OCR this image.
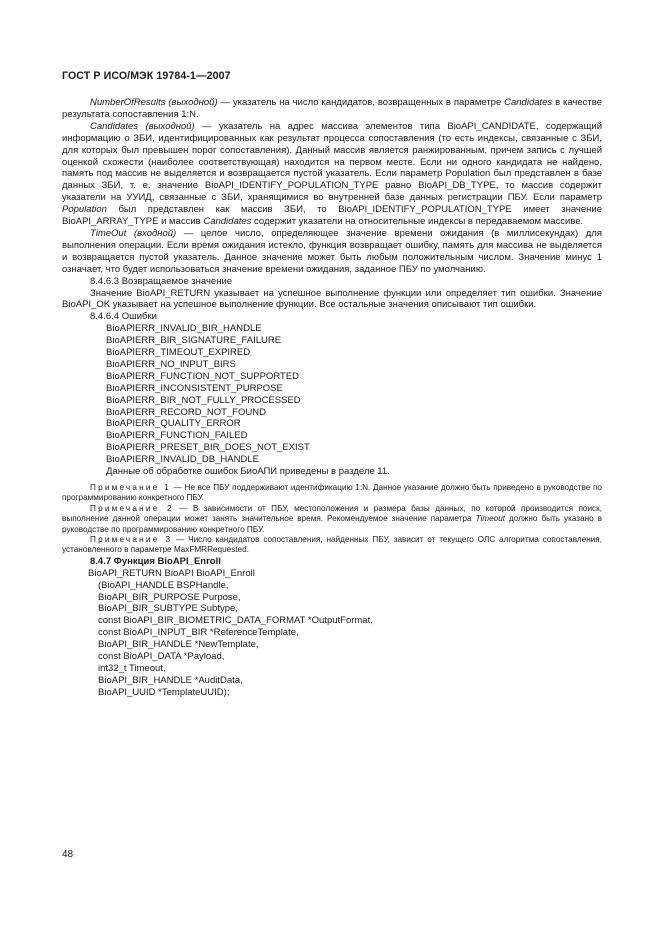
ГОСТ Р ИСО/МЭК 19784-1—2007

NumberOfResults (выходной) — указатель на число кандидатов, возвращенных в параметре Candidates в качестве результата сопоставления 1:N.

Candidates (выходной) — указатель на адрес массива элементов типа BioAPI_CANDIDATE, содержащий информацию о ЗБИ, идентифицированных как результат процесса сопоставления (то есть индексы, связанные с ЗБИ, для которых был превышен порог сопоставления). Данный массив является ранжированным, причем запись с лучшей оценкой схожести (наиболее соответствующая) находится на первом месте. Если ни одного кандидата не найдено, память под массив не выделяется и возвращается пустой указатель. Если параметр Population был представлен в базе данных ЗБИ, т. е. значение BioAPI_IDENTIFY_POPULATION_TYPE равно BioAPI_DB_TYPE, то массив содержит указатели на УУИД, связанные с ЗБИ, хранящимися во внутренней базе данных регистрации ПБУ. Если параметр Population был представлен как массив ЗБИ, то BioAPI_IDENTIFY_POPULATION_TYPE имеет значение BioAPI_ARRAY_TYPE и массив Candidates содержит указатели на относительные индексы в передаваемом массиве.

TimeOut (входной) — целое число, определяющее значение времени ожидания (в миллисекундах) для выполнения операции. Если время ожидания истекло, функция возвращает ошибку, память для массива не выделяется и возвращается пустой указатель. Данное значение может быть любым положительным числом. Значение минус 1 означает, что будет использоваться значение времени ожидания, заданное ПБУ по умолчанию.

8.4.6.3 Возвращаемое значение

Значение BioAPI_RETURN указывает на успешное выполнение функции или определяет тип ошибки. Значение BioAPI_OK указывает на успешное выполнение функции. Все остальные значения описывают тип ошибки.

8.4.6.4 Ошибки

BioAPIERR_INVALID_BIR_HANDLE

BioAPIERR_BIR_SIGNATURE_FAILURE

BioAPIERR_TIMEOUT_EXPIRED

BioAPIERR_NO_INPUT_BIRS

BioAPIERR_FUNCTION_NOT_SUPPORTED

BioAPIERR_INCONSISTENT_PURPOSE

BioAPIERR_BIR_NOT_FULLY_PROCESSED

BioAPIERR_RECORD_NOT_FOUND

BioAPIERR_QUALITY_ERROR

BioAPIERR_FUNCTION_FAILED

BioAPIERR_PRESET_BIR_DOES_NOT_EXIST

BioAPIERR_INVALID_DB_HANDLE

Данные об обработке ошибок БиоАПИ приведены в разделе 11.

Примечание 1 — Не все ПБУ поддерживают идентификацию 1:N. Данное указание должно быть приведено в руководстве по программированию конкретного ПБУ.

Примечание 2 — В зависимости от ПБУ, местоположения и размера базы данных, по которой производится поиск, выполнение данной операции может занять значительное время. Рекомендуемое значение параметра Timeout должно быть указано в руководстве по программированию конкретного ПБУ.

Примечание 3 — Число кандидатов сопоставления, найденных ПБУ, зависит от текущего ОЛС алгоритма сопоставления, установленного в параметре MaxFMRRequested.

8.4.7 Функция BioAPI_Enroll

BioAPI_RETURN BioAPI BioAPI_Enroll

(BioAPI_HANDLE BSPHandle,

BioAPI_BIR_PURPOSE Purpose,

BioAPI_BIR_SUBTYPE Subtype,

const BioAPI_BIR_BIOMETRIC_DATA_FORMAT *OutputFormat,

const BioAPI_INPUT_BIR *ReferenceTemplate,

BioAPI_BIR_HANDLE *NewTemplate,

const BioAPI_DATA *Payload,

int32_t Timeout,

BioAPI_BIR_HANDLE *AuditData,

BioAPI_UUID *TemplateUUID);

48
